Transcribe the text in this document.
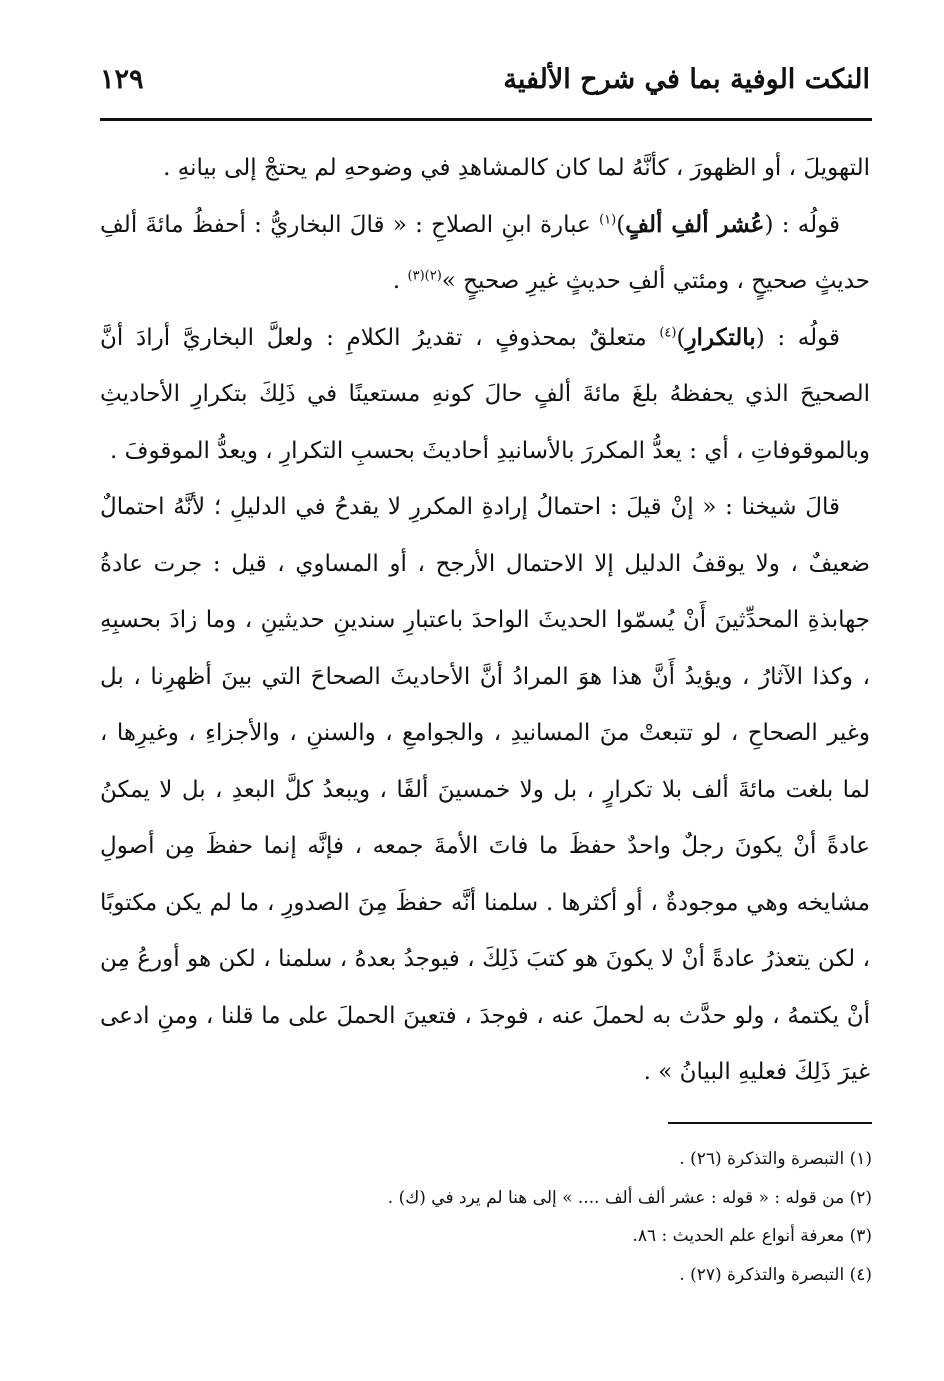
النكت الوفية بما في شرح الألفية
١٢٩

التهويلَ ، أو الظهورَ ، كأنَّهُ لما كان كالمشاهدِ في وضوحهِ لم يحتجْ إلى بيانهِ .

قولُه : (عُشر ألفِ ألفٍ)$^{(١)}$ عبارة ابنِ الصلاحِ : « قالَ البخاريُّ : أحفظُ مائةَ ألفِ حديثٍ صحيحٍ ، ومئتي ألفِ حديثٍ غيرِ صحيحٍ »$^{(٢)(٣)}$ .

قولُه : (بالتكرارِ)$^{(٤)}$ متعلقٌ بمحذوفٍ ، تقديرُ الكلامِ : ولعلَّ البخاريَّ أرادَ أنَّ الصحيحَ الذي يحفظهُ بلغَ مائةَ ألفٍ حالَ كونهِ مستعينًا في ذَلِكَ بتكرارِ الأحاديثِ وبالموقوفاتِ ، أي : يعدُّ المكررَ بالأسانيدِ أحاديثَ بحسبِ التكرارِ ، ويعدُّ الموقوفَ .

قالَ شيخنا : « إنْ قيلَ : احتمالُ إرادةِ المكررِ لا يقدحُ في الدليلِ ؛ لأنَّهُ احتمالٌ ضعيفٌ ، ولا يوقفُ الدليل إلا الاحتمال الأرجح ، أو المساوي ، قيل : جرت عادةُ جهابذةِ المحدِّثينَ أَنْ يُسمّوا الحديثَ الواحدَ باعتبارِ سندينِ حديثينِ ، وما زادَ بحسبِهِ ، وكذا الآثارُ ، ويؤيدُ أَنَّ هذا هوَ المرادُ أنَّ الأحاديثَ الصحاحَ التي بينَ أظهرِنا ، بل وغير الصحاحِ ، لو تتبعتْ منَ المسانيدِ ، والجوامعِ ، والسننِ ، والأجزاءِ ، وغيرِها ، لما بلغت مائةَ ألف بلا تكرارٍ ، بل ولا خمسينَ ألفًا ، ويبعدُ كلَّ البعدِ ، بل لا يمكنُ عادةً أنْ يكونَ رجلٌ واحدٌ حفظَ ما فاتَ الأمةَ جمعه ، فإنَّه إنما حفظَ مِن أصولِ مشايخه وهي موجودةٌ ، أو أكثرها . سلمنا أنَّه حفظَ مِنَ الصدورِ ، ما لم يكن مكتوبًا ، لكن يتعذرُ عادةً أنْ لا يكونَ هو كتبَ ذَلِكَ ، فيوجدُ بعدهُ ، سلمنا ، لكن هو أورعُ مِن أنْ يكتمهُ ، ولو حدَّث به لحملَ عنه ، فوجدَ ، فتعينَ الحملَ على ما قلنا ، ومنِ ادعى غيرَ ذَلِكَ فعليهِ البيانُ » .

(١) التبصرة والتذكرة (٢٦) .

(٢) من قوله : « قوله : عشر ألف ألف .... » إلى هنا لم يرد في (ك) .

(٣) معرفة أنواع علم الحديث : ٨٦.

(٤) التبصرة والتذكرة (٢٧) .
